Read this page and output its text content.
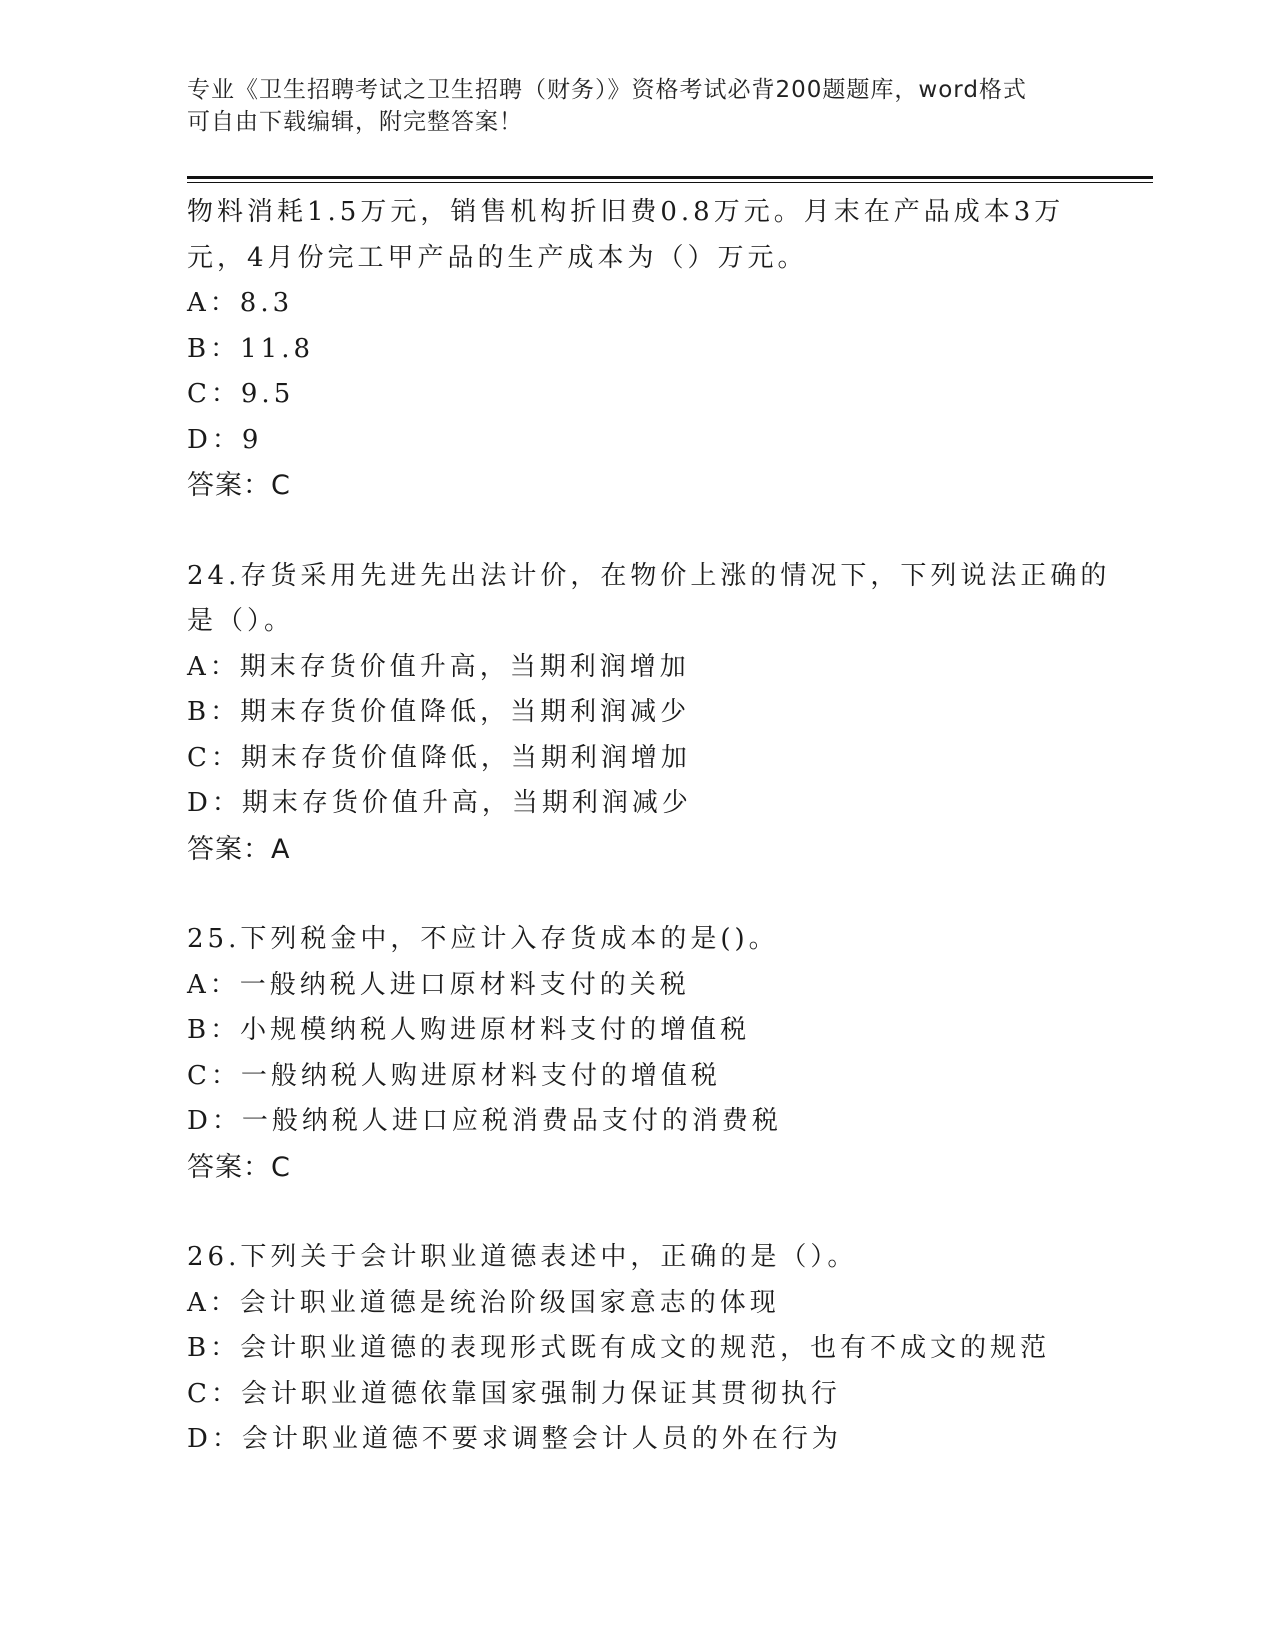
专业《卫生招聘考试之卫生招聘（财务）》资格考试必背200题题库，word格式
可自由下载编辑，附完整答案！
物料消耗1.5万元，销售机构折旧费0.8万元。月末在产品成本3万
元，4月份完工甲产品的生产成本为（）万元。
A：8.3
B：11.8
C：9.5
D：9
答案：C
24.存货采用先进先出法计价，在物价上涨的情况下，下列说法正确的
是（）。
A：期末存货价值升高，当期利润增加
B：期末存货价值降低，当期利润减少
C：期末存货价值降低，当期利润增加
D：期末存货价值升高，当期利润减少
答案：A
25.下列税金中，不应计入存货成本的是()。
A：一般纳税人进口原材料支付的关税
B：小规模纳税人购进原材料支付的增值税
C：一般纳税人购进原材料支付的增值税
D：一般纳税人进口应税消费品支付的消费税
答案：C
26.下列关于会计职业道德表述中，正确的是（）。
A：会计职业道德是统治阶级国家意志的体现
B：会计职业道德的表现形式既有成文的规范，也有不成文的规范
C：会计职业道德依靠国家强制力保证其贯彻执行
D：会计职业道德不要求调整会计人员的外在行为
